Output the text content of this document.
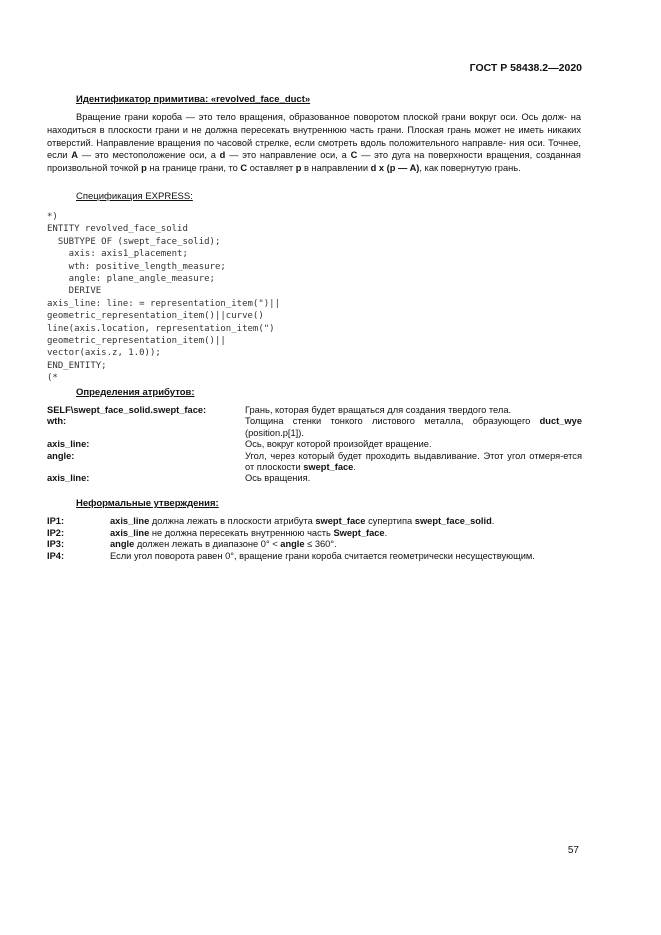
ГОСТ Р 58438.2—2020
Идентификатор примитива: «revolved_face_duct»
Вращение грани короба — это тело вращения, образованное поворотом плоской грани вокруг оси. Ось долж- на находиться в плоскости грани и не должна пересекать внутреннюю часть грани. Плоская грань может не иметь никаких отверстий. Направление вращения по часовой стрелке, если смотреть вдоль положительного направле- ния оси. Точнее, если A — это местоположение оси, а d — это направление оси, а C — это дуга на поверхности вращения, созданная произвольной точкой p на границе грани, то C оставляет p в направлении d x (p — A), как повернутую грань.
Спецификация EXPRESS:
*)
ENTITY revolved_face_solid
SUBTYPE OF (swept_face_solid);
axis: axis1_placement;
wth: positive_length_measure;
angle: plane_angle_measure;
DERIVE
axis_line: line: = representation_item(")||
geometric_representation_item()||curve()
line(axis.location, representation_item(")
geometric_representation_item()||
vector(axis.z, 1.0));
END_ENTITY;
(*
Определения атрибутов:
SELF\swept_face_solid.swept_face:	Грань, которая будет вращаться для создания твердого тела.
wth:	Толщина стенки тонкого листового металла, образующего duct_wye (position.p[1]).
axis_line:	Ось, вокруг которой произойдет вращение.
angle:	Угол, через который будет проходить выдавливание. Этот угол отмеря-ется от плоскости swept_face.
axis_line:	Ось вращения.
Неформальные утверждения:
IP1:	axis_line должна лежать в плоскости атрибута swept_face супертипа swept_face_solid.
IP2:	axis_line не должна пересекать внутреннюю часть Swept_face.
IP3:	angle должен лежать в диапазоне 0° < angle ≤ 360°.
IP4:	Если угол поворота равен 0°, вращение грани короба считается геометрически несуществующим.
57
